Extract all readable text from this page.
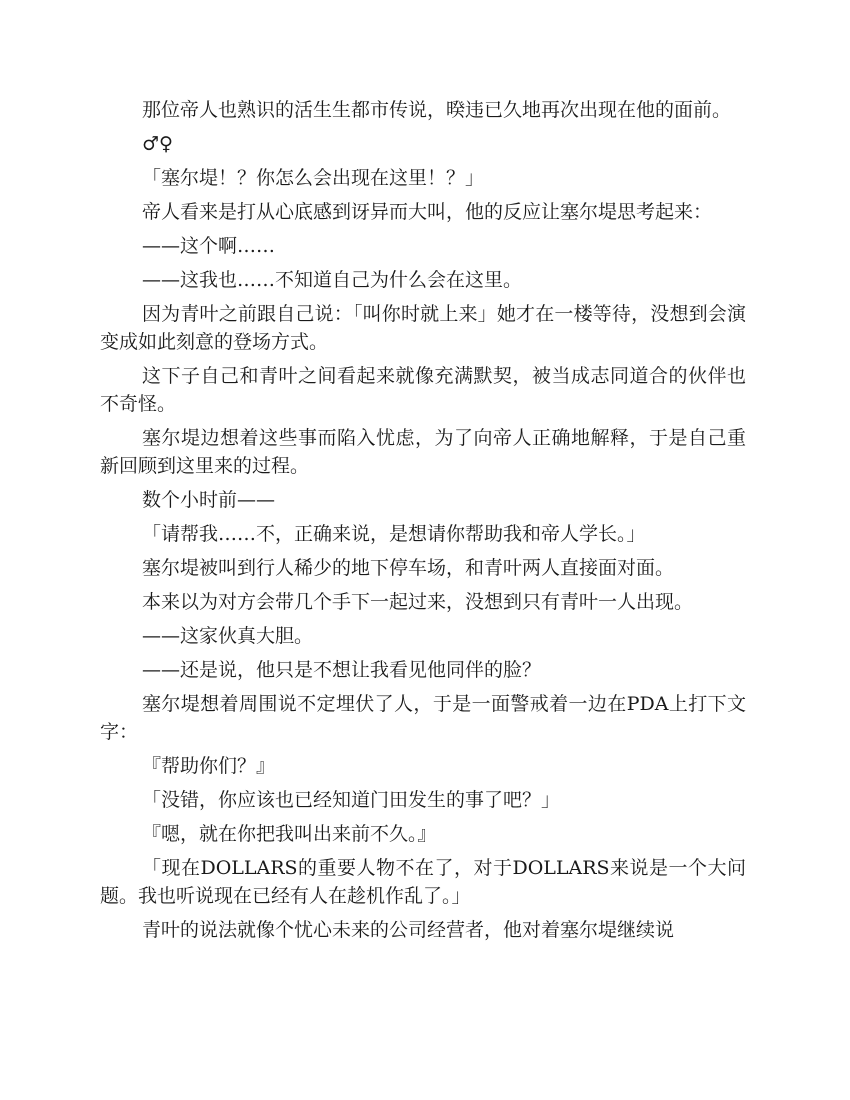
那位帝人也熟识的活生生都市传说，暌违已久地再次出现在他的面前。

♂♀

「塞尔堤！？你怎么会出现在这里！？」

帝人看来是打从心底感到讶异而大叫，他的反应让塞尔堤思考起来：

——这个啊……

——这我也……不知道自己为什么会在这里。

因为青叶之前跟自己说：「叫你时就上来」她才在一楼等待，没想到会演变成如此刻意的登场方式。

这下子自己和青叶之间看起来就像充满默契，被当成志同道合的伙伴也不奇怪。

塞尔堤边想着这些事而陷入忧虑，为了向帝人正确地解释，于是自己重新回顾到这里来的过程。

数个小时前——

「请帮我……不，正确来说，是想请你帮助我和帝人学长。」

塞尔堤被叫到行人稀少的地下停车场，和青叶两人直接面对面。

本来以为对方会带几个手下一起过来，没想到只有青叶一人出现。

——这家伙真大胆。

——还是说，他只是不想让我看见他同伴的脸？

塞尔堤想着周围说不定埋伏了人，于是一面警戒着一边在PDA上打下文字：

『帮助你们？』

「没错，你应该也已经知道门田发生的事了吧？」

『嗯，就在你把我叫出来前不久。』

「现在DOLLARS的重要人物不在了，对于DOLLARS来说是一个大问题。我也听说现在已经有人在趁机作乱了。」

青叶的说法就像个忧心未来的公司经营者，他对着塞尔堤继续说
